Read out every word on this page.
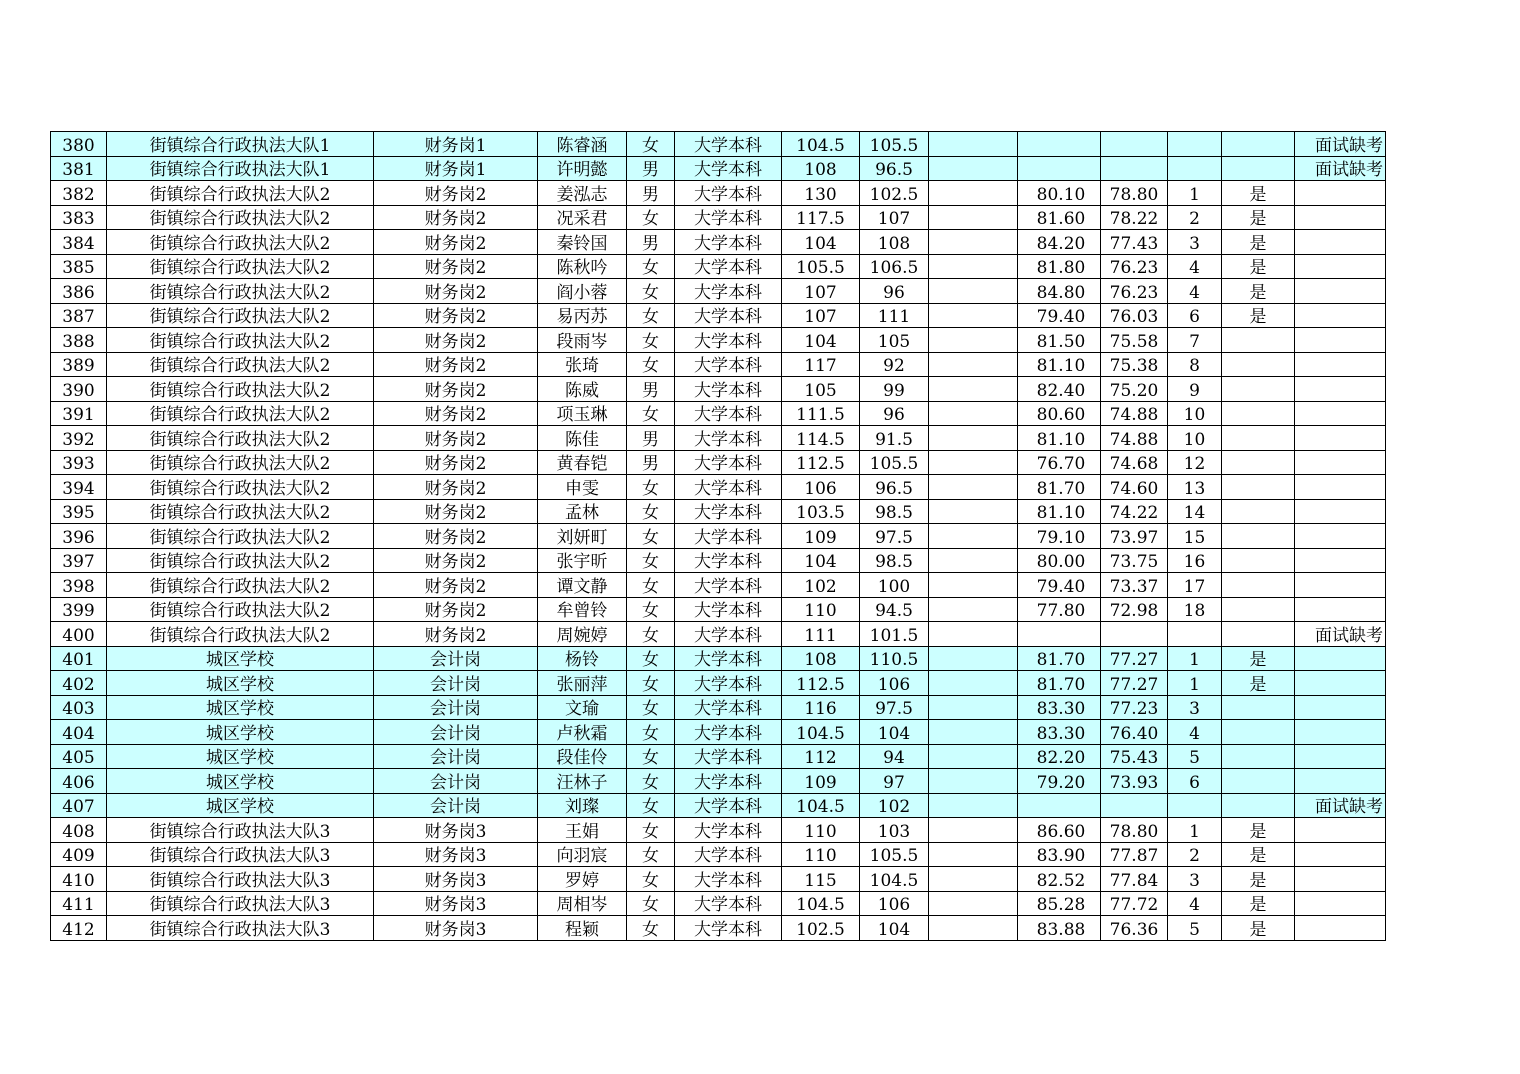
380	街镇综合行政执法大队1	财务岗1	陈睿涵	女	大学本科	104.5	105.5						面试缺考
381	街镇综合行政执法大队1	财务岗1	许明懿	男	大学本科	108	96.5						面试缺考
382	街镇综合行政执法大队2	财务岗2	姜泓志	男	大学本科	130	102.5		80.10	78.80	1	是	
383	街镇综合行政执法大队2	财务岗2	况采君	女	大学本科	117.5	107		81.60	78.22	2	是	
384	街镇综合行政执法大队2	财务岗2	秦铃国	男	大学本科	104	108		84.20	77.43	3	是	
385	街镇综合行政执法大队2	财务岗2	陈秋吟	女	大学本科	105.5	106.5		81.80	76.23	4	是	
386	街镇综合行政执法大队2	财务岗2	阎小蓉	女	大学本科	107	96		84.80	76.23	4	是	
387	街镇综合行政执法大队2	财务岗2	易丙苏	女	大学本科	107	111		79.40	76.03	6	是	
388	街镇综合行政执法大队2	财务岗2	段雨岑	女	大学本科	104	105		81.50	75.58	7		
389	街镇综合行政执法大队2	财务岗2	张琦	女	大学本科	117	92		81.10	75.38	8		
390	街镇综合行政执法大队2	财务岗2	陈威	男	大学本科	105	99		82.40	75.20	9		
391	街镇综合行政执法大队2	财务岗2	项玉琳	女	大学本科	111.5	96		80.60	74.88	10		
392	街镇综合行政执法大队2	财务岗2	陈佳	男	大学本科	114.5	91.5		81.10	74.88	10		
393	街镇综合行政执法大队2	财务岗2	黄春铠	男	大学本科	112.5	105.5		76.70	74.68	12		
394	街镇综合行政执法大队2	财务岗2	申雯	女	大学本科	106	96.5		81.70	74.60	13		
395	街镇综合行政执法大队2	财务岗2	孟林	女	大学本科	103.5	98.5		81.10	74.22	14		
396	街镇综合行政执法大队2	财务岗2	刘妍町	女	大学本科	109	97.5		79.10	73.97	15		
397	街镇综合行政执法大队2	财务岗2	张宇昕	女	大学本科	104	98.5		80.00	73.75	16		
398	街镇综合行政执法大队2	财务岗2	谭文静	女	大学本科	102	100		79.40	73.37	17		
399	街镇综合行政执法大队2	财务岗2	牟曾铃	女	大学本科	110	94.5		77.80	72.98	18		
400	街镇综合行政执法大队2	财务岗2	周婉婷	女	大学本科	111	101.5						面试缺考
401	城区学校	会计岗	杨铃	女	大学本科	108	110.5		81.70	77.27	1	是	
402	城区学校	会计岗	张丽萍	女	大学本科	112.5	106		81.70	77.27	1	是	
403	城区学校	会计岗	文瑜	女	大学本科	116	97.5		83.30	77.23	3		
404	城区学校	会计岗	卢秋霜	女	大学本科	104.5	104		83.30	76.40	4		
405	城区学校	会计岗	段佳伶	女	大学本科	112	94		82.20	75.43	5		
406	城区学校	会计岗	汪林子	女	大学本科	109	97		79.20	73.93	6		
407	城区学校	会计岗	刘璨	女	大学本科	104.5	102						面试缺考
408	街镇综合行政执法大队3	财务岗3	王娟	女	大学本科	110	103		86.60	78.80	1	是	
409	街镇综合行政执法大队3	财务岗3	向羽宸	女	大学本科	110	105.5		83.90	77.87	2	是	
410	街镇综合行政执法大队3	财务岗3	罗婷	女	大学本科	115	104.5		82.52	77.84	3	是	
411	街镇综合行政执法大队3	财务岗3	周相岑	女	大学本科	104.5	106		85.28	77.72	4	是	
412	街镇综合行政执法大队3	财务岗3	程颖	女	大学本科	102.5	104		83.88	76.36	5	是	
